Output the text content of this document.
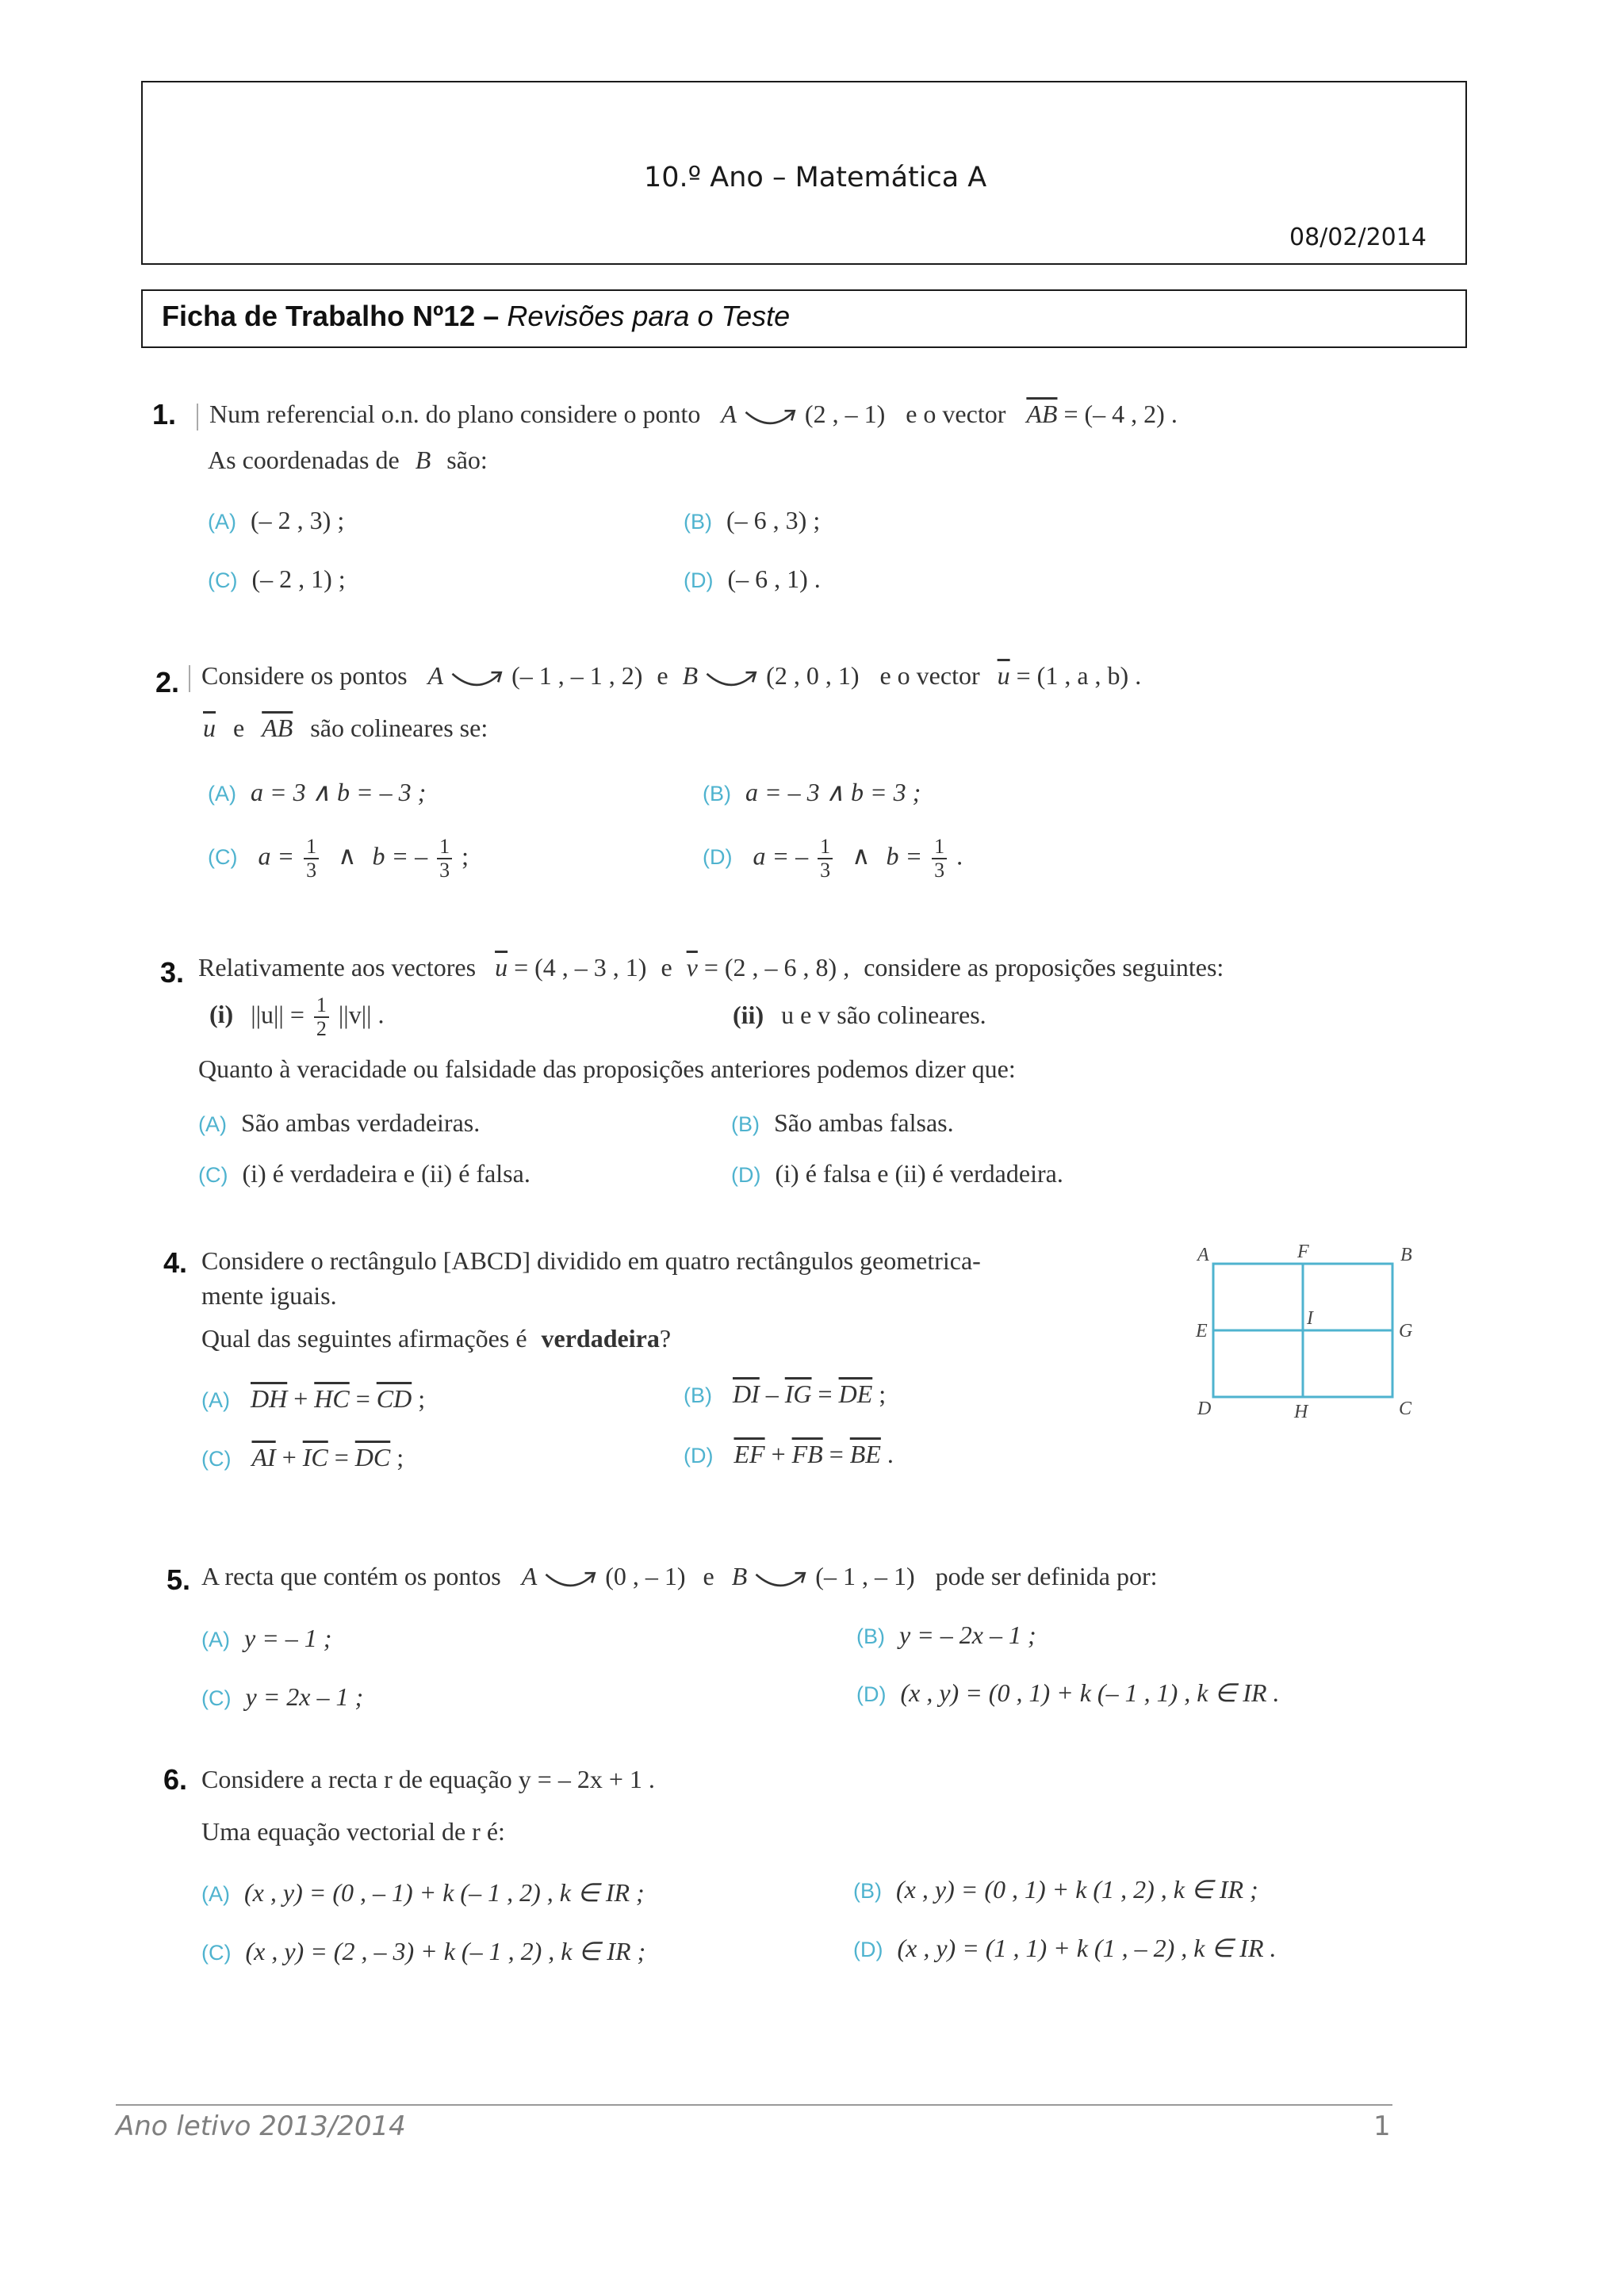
10.º Ano – Matemática A
08/02/2014
Ficha de Trabalho Nº12 – Revisões para o Teste
1.	Num referencial o.n. do plano considere o ponto A	(2 , – 1) e o vector $\overline{AB}$ = (– 4 , 2) .
As coordenadas de B são:
(A) (– 2 , 3) ;	(B) (– 6 , 3) ;
(C) (– 2 , 1) ;	(D) (– 6 , 1) .
2. Considere os pontos A	(– 1 , – 1 , 2) e B	(2 , 0 , 1) e o vector $\overline{u} = (1$ , a , b) .
$\overline{u}$ e $\overline{AB}$ são colineares se:
(A) a = 3 ∧ b = – 3 ;	(B) a = – 3 ∧ b = 3 ;
(C) $a = \frac{1}{3}$ ∧ b = – $\frac{1}{3}$ ;	(D) a = – $\frac{1}{3}$ ∧ $b = \frac{1}{3}$ .
3. Relativamente aos vectores $\overline{u} = (4$ , – 3 , 1) e $\overline{v} = (2$ , – 6 , 8) , considere as proposições seguintes:
(i) $||u|| = \frac{1}{2} ||v||$ .	(ii) u e v são colineares.
Quanto à veracidade ou falsidade das proposições anteriores podemos dizer que:
(A) São ambas verdadeiras.	(B) São ambas falsas.
(C) (i) é verdadeira e (ii) é falsa.	(D) (i) é falsa e (ii) é verdadeira.
4. Considere o rectângulo [ABCD] dividido em quatro rectângulos geometrica-
mente iguais.
Qual das seguintes afirmações é verdadeira?
(A) $\overline{DH} + \overline{HC} = \overline{CD}$ ;	(B) $\overline{DI} - \overline{IG} = \overline{DE}$ ;
(C) $\overline{AI} + \overline{IC} = \overline{DC}$ ;	(D) $\overline{EF} + \overline{FB} = \overline{BE}$ .
A	F	B
E
I
G
D	H	C
5. A recta que contém os pontos A	(0 , – 1) e B	(– 1 , – 1) pode ser definida por:
(A) y = – 1 ;	(B) y = – 2x – 1 ;
(C) y = 2x – 1 ;	(D) (x , y) = (0 , 1) + k (– 1 , 1) , k ∈ IR .
6. Considere a recta r de equação y = – 2x + 1 .
Uma equação vectorial de r é:
(A) (x , y) = (0 , – 1) + k (– 1 , 2) , k ∈ IR ;	(B) (x , y) = (0 , 1) + k (1 , 2) , k ∈ IR ;
(C) (x , y) = (2 , – 3) + k (– 1 , 2) , k ∈ IR ;	(D) (x , y) = (1 , 1) + k (1 , – 2) , k ∈ IR .
Ano letivo 2013/2014	1
